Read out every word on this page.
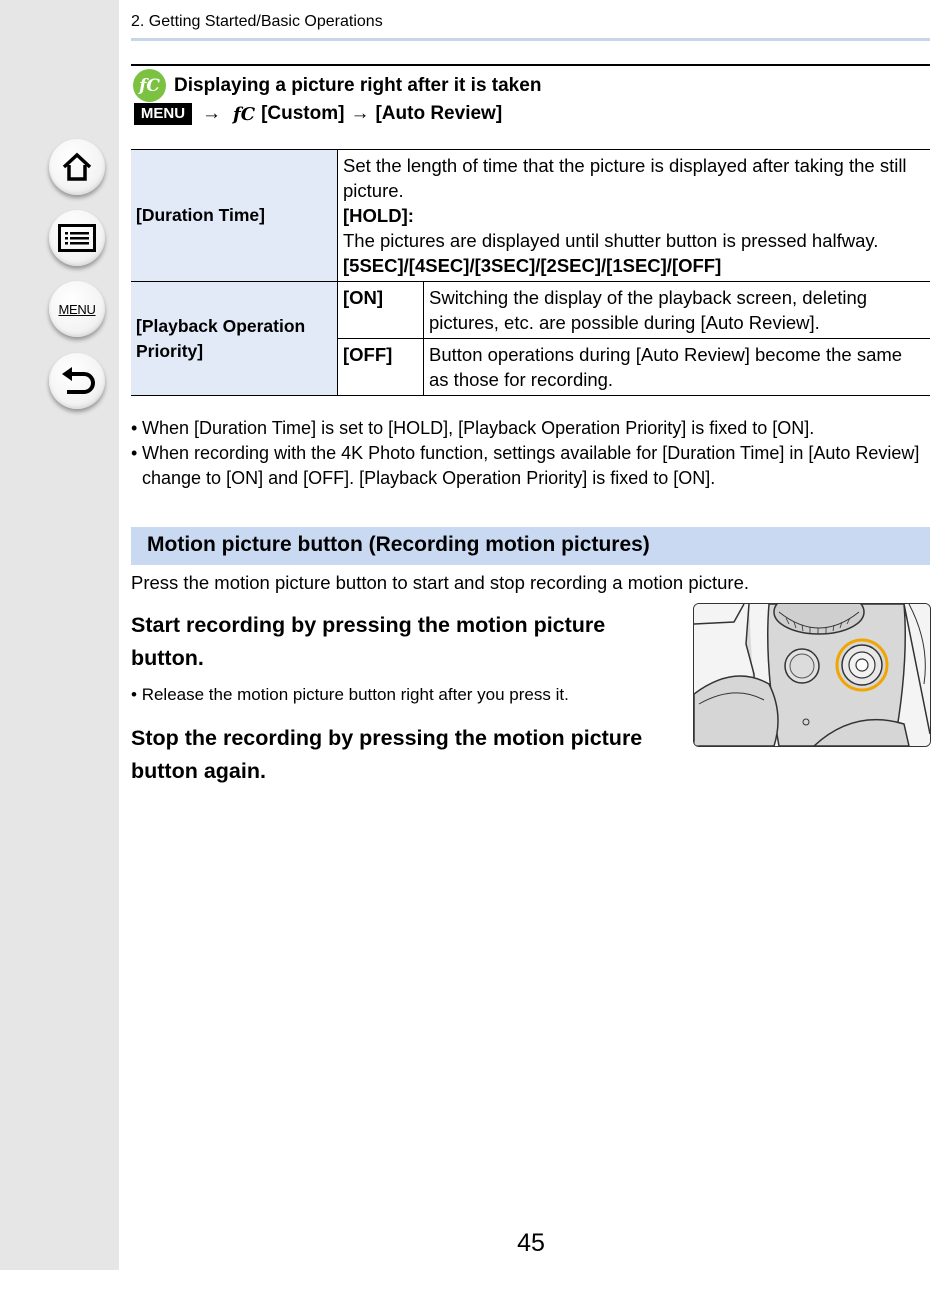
MENU
2. Getting Started/Basic Operations
fC Displaying a picture right after it is taken
MENU → fC [Custom] → [Auto Review]
[Duration Time]	Set the length of time that the picture is displayed after taking the still picture.
[HOLD]:
The pictures are displayed until shutter button is pressed halfway.
[5SEC]/[4SEC]/[3SEC]/[2SEC]/[1SEC]/[OFF]	

[Playback Operation Priority]	[ON]	Switching the display of the playback screen, deleting pictures, etc. are possible during [Auto Review].
	[OFF]	Button operations during [Auto Review] become the same as those for recording.
• When [Duration Time] is set to [HOLD], [Playback Operation Priority] is fixed to [ON].
• When recording with the 4K Photo function, settings available for [Duration Time] in [Auto Review] change to [ON] and [OFF]. [Playback Operation Priority] is fixed to [ON].
Motion picture button (Recording motion pictures)
Press the motion picture button to start and stop recording a motion picture.
Start recording by pressing the motion picture button.
• Release the motion picture button right after you press it.
Stop the recording by pressing the motion picture button again.
45
